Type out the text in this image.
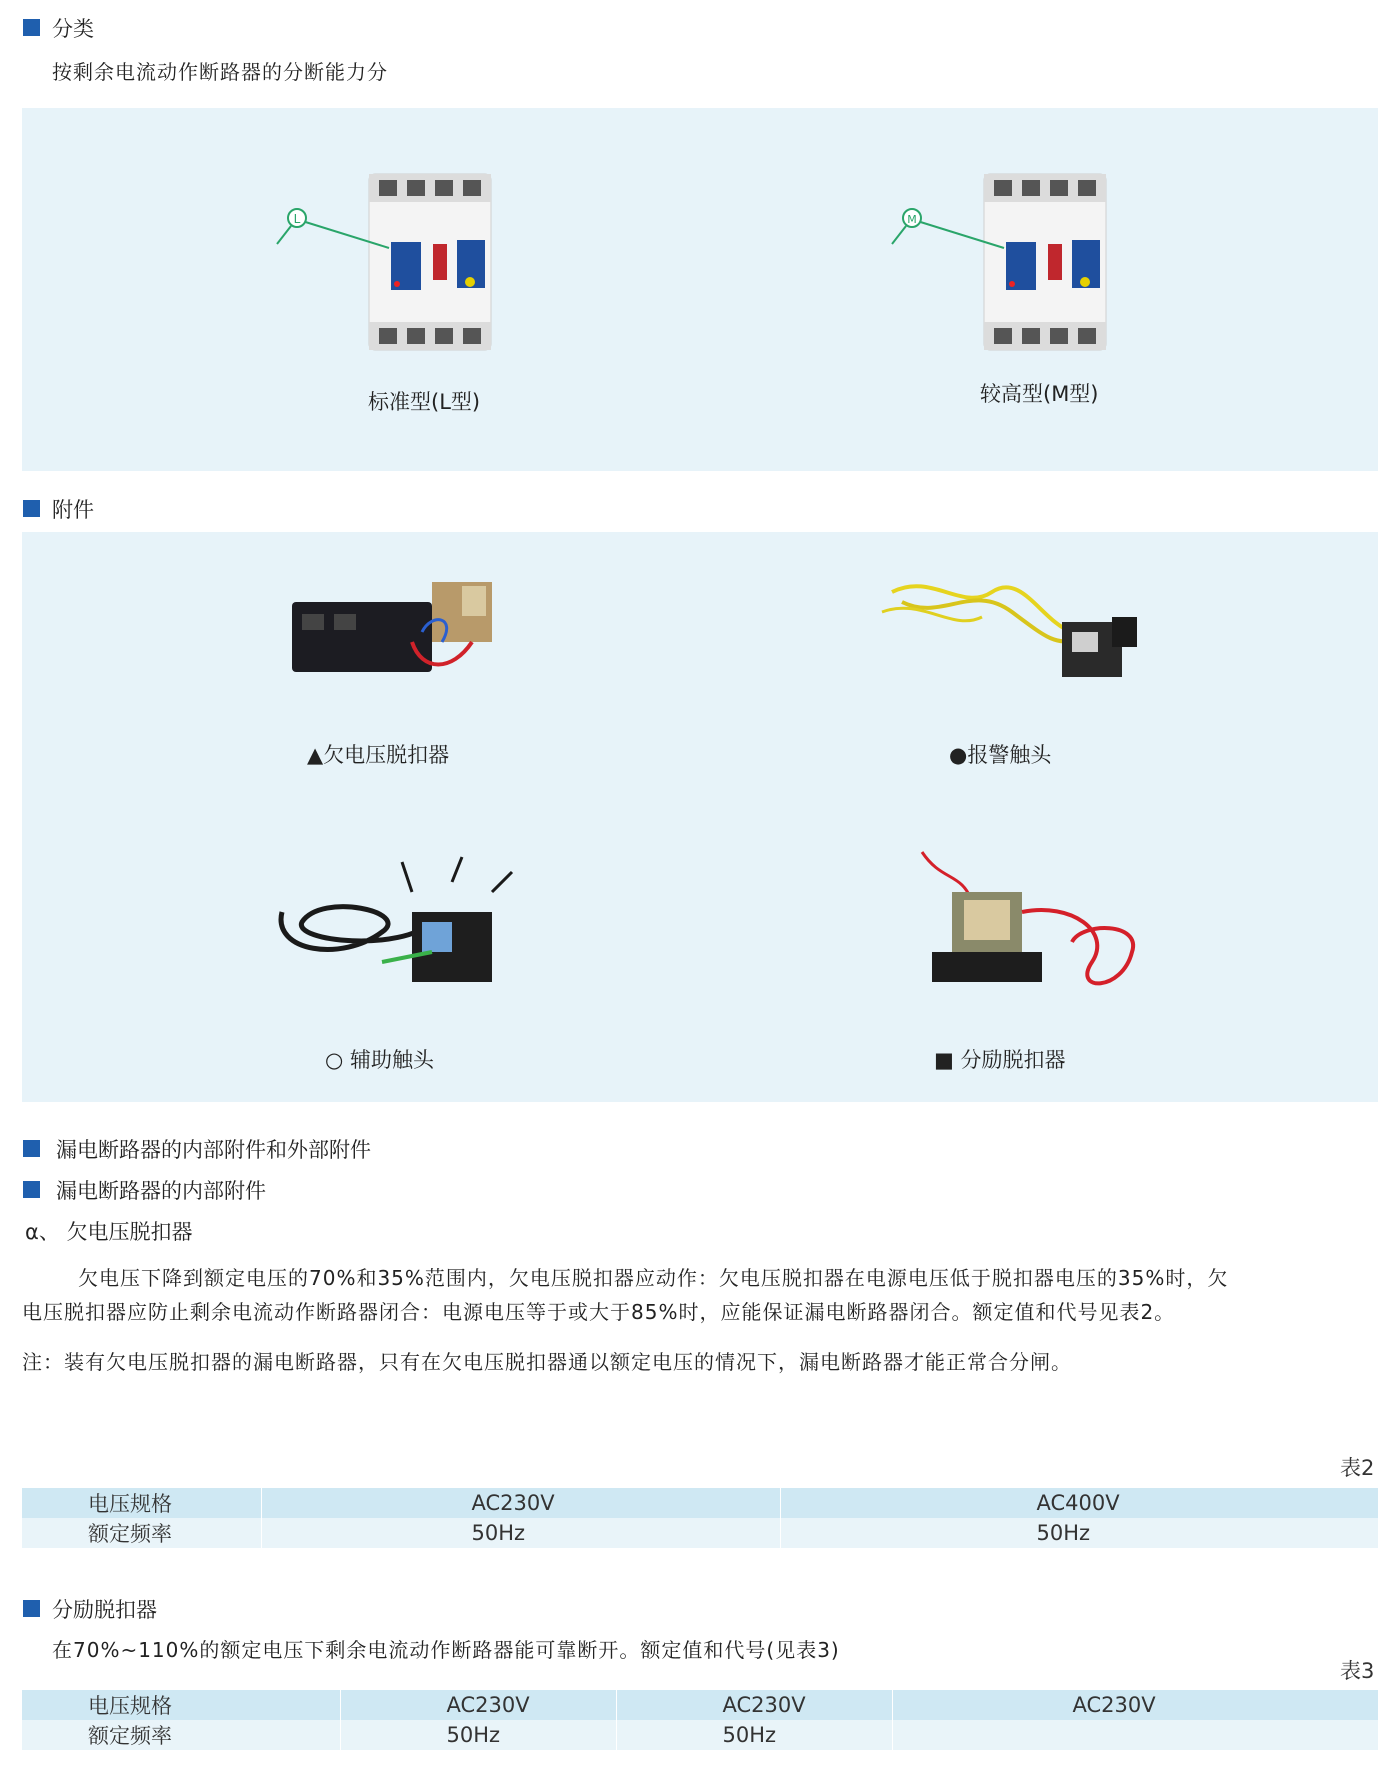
分类
按剩余电流动作断路器的分断能力分
L	M
标准型(L型)	较高型(M型)
附件
▲欠电压脱扣器	●报警触头
○ 辅助触头	■ 分励脱扣器
漏电断路器的内部附件和外部附件
漏电断路器的内部附件
α、 欠电压脱扣器
欠电压下降到额定电压的70%和35%范围内，欠电压脱扣器应动作：欠电压脱扣器在电源电压低于脱扣器电压的35%时，欠
电压脱扣器应防止剩余电流动作断路器闭合：电源电压等于或大于85%时，应能保证漏电断路器闭合。额定值和代号见表2。
注：装有欠电压脱扣器的漏电断路器，只有在欠电压脱扣器通以额定电压的情况下，漏电断路器才能正常合分闸。
表2
电压规格	AC230V	AC400V
额定频率	50Hz	50Hz
分励脱扣器
在70%~110%的额定电压下剩余电流动作断路器能可靠断开。额定值和代号(见表3)
表3
电压规格	AC230V	AC230V	AC230V
额定频率	50Hz	50Hz	
